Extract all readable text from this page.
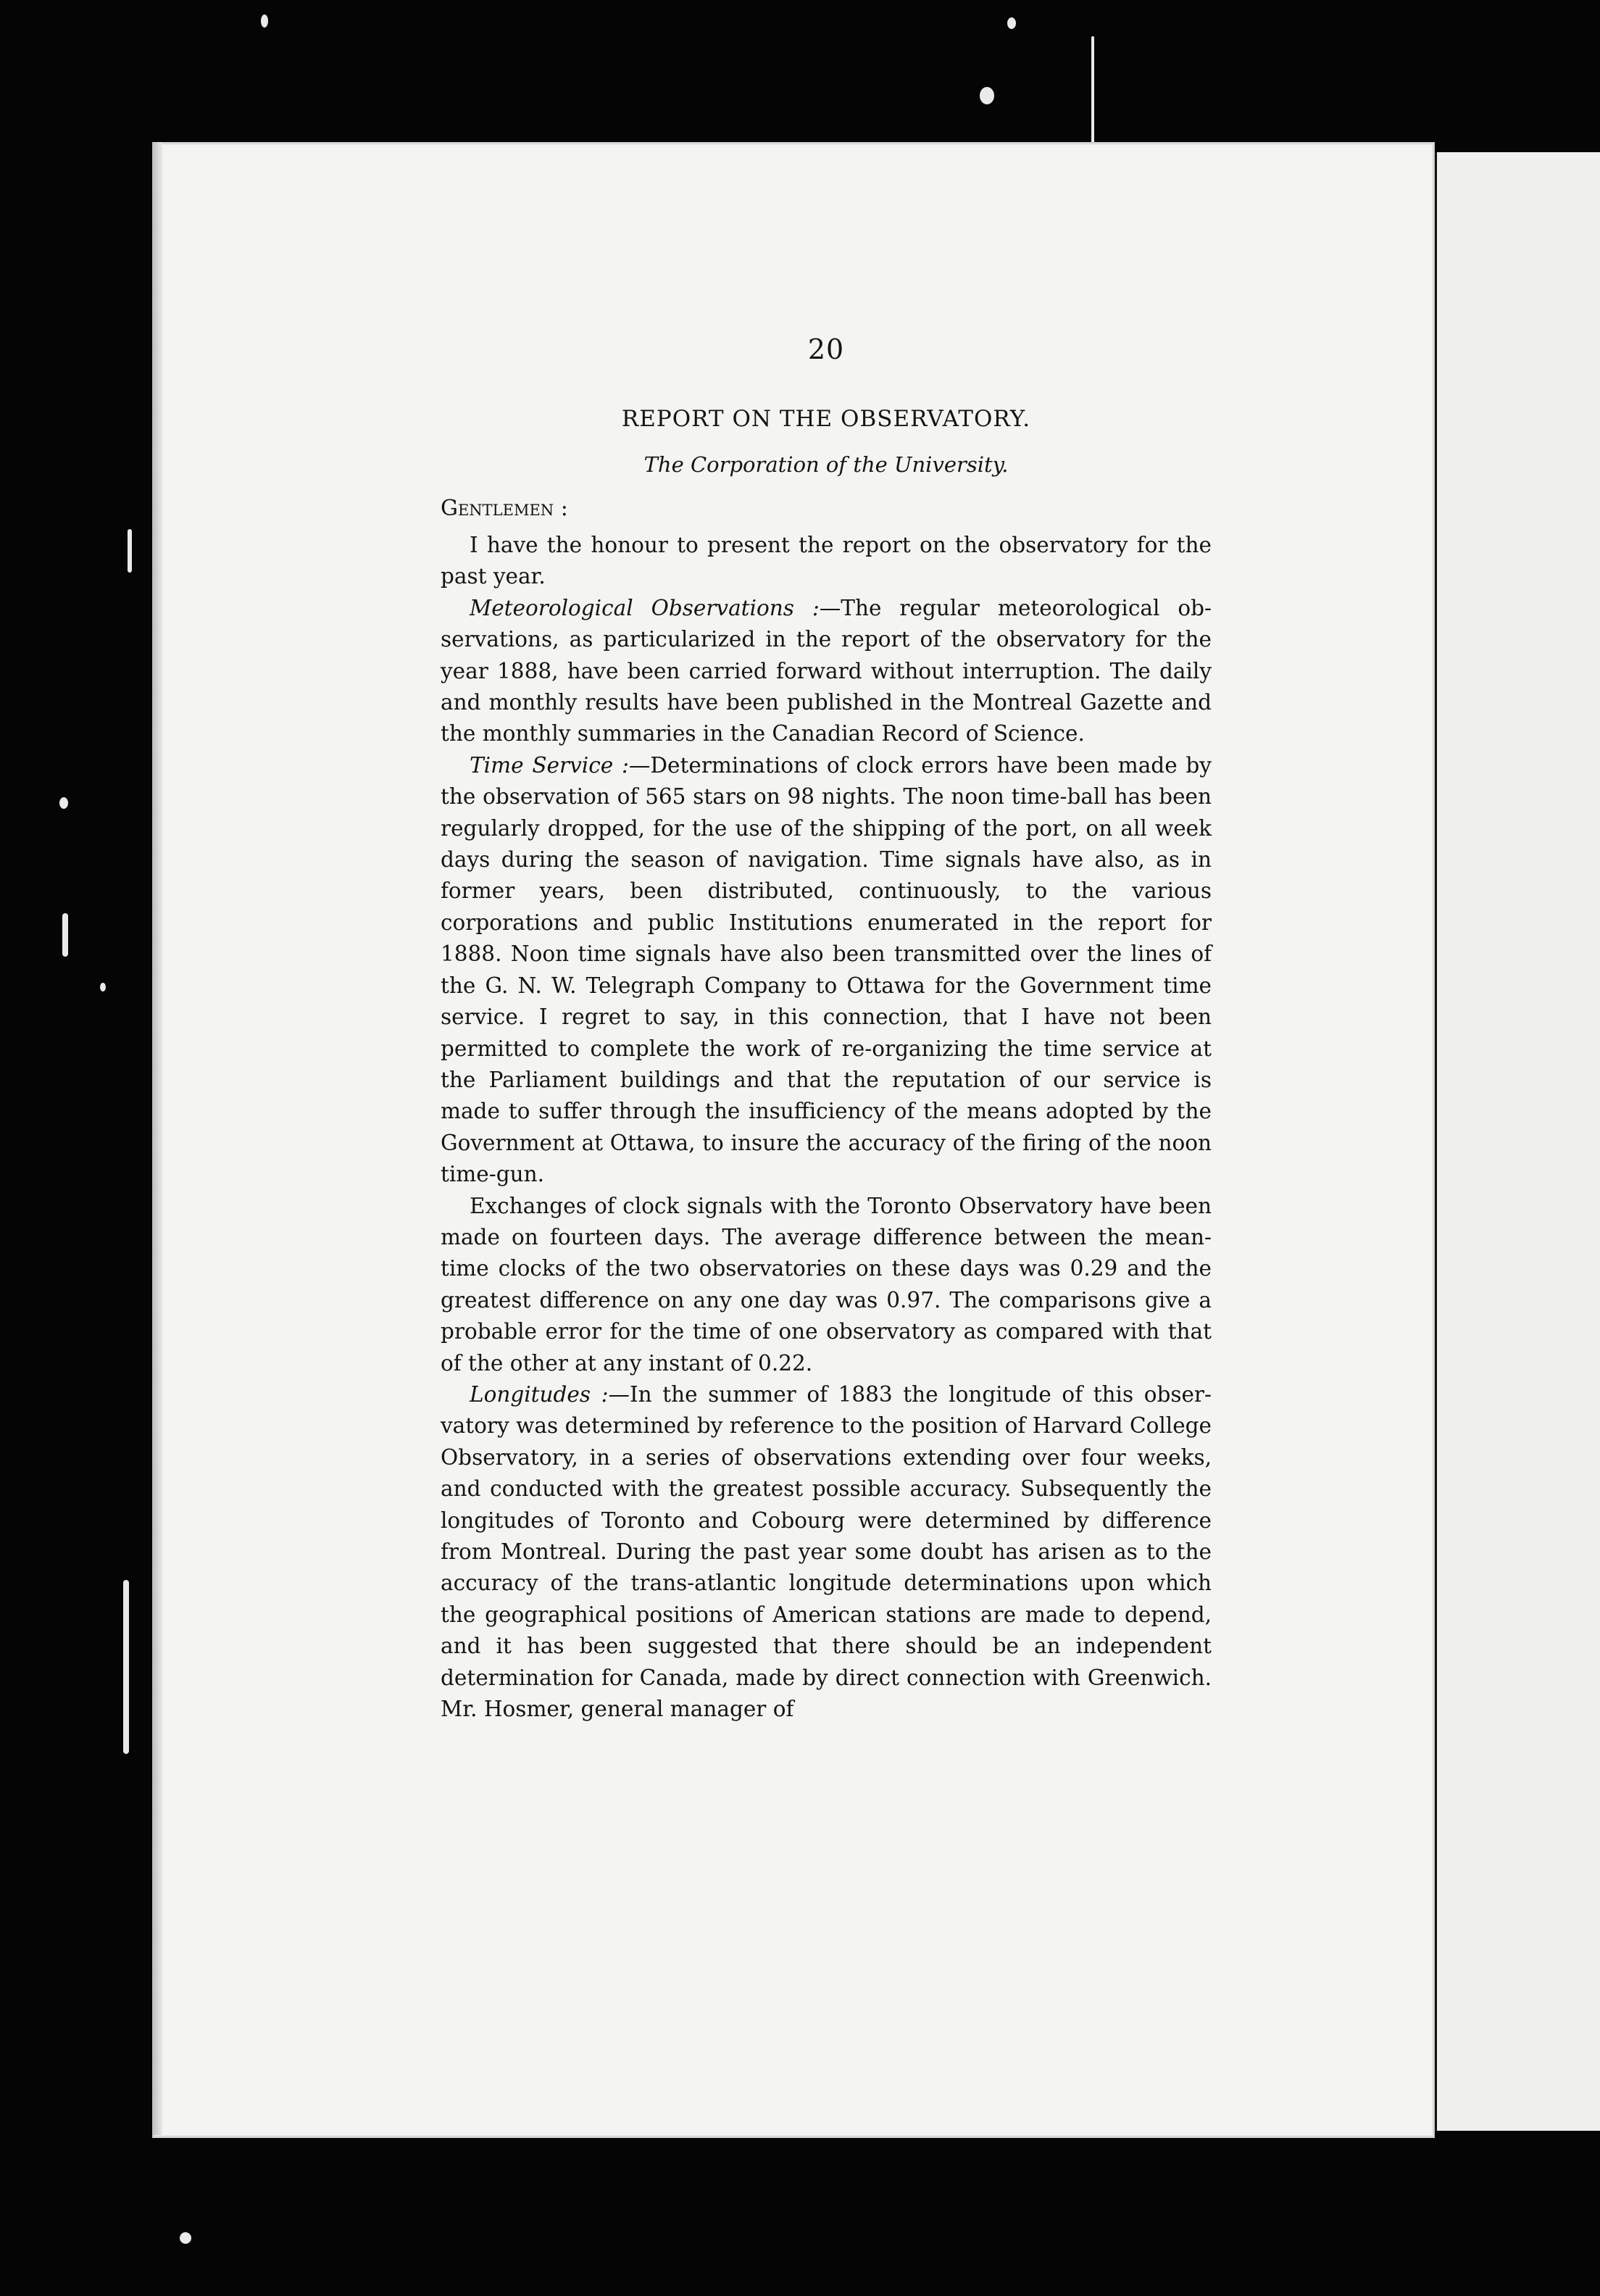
20
REPORT ON THE OBSERVATORY.
The Corporation of the University.
Gentlemen :

I have the honour to present the report on the observatory for the past year.

Meteorological Observations :—The regular meteorological observations, as particularized in the report of the observatory for the year 1888, have been carried forward without interruption. The daily and monthly results have been published in the Montreal Gazette and the monthly summaries in the Canadian Record of Science.

Time Service :—Determinations of clock errors have been made by the observation of 565 stars on 98 nights. The noon time-ball has been regularly dropped, for the use of the shipping of the port, on all week days during the season of navigation. Time signals have also, as in former years, been distributed, continuously, to the various corporations and public Institutions enumerated in the report for 1888. Noon time signals have also been transmitted over the lines of the G. N. W. Telegraph Company to Ottawa for the Government time service. I regret to say, in this connection, that I have not been permitted to complete the work of re-organizing the time service at the Parliament buildings and that the reputation of our service is made to suffer through the insufficiency of the means adopted by the Government at Ottawa, to insure the accuracy of the firing of the noon time-gun.

Exchanges of clock signals with the Toronto Observatory have been made on fourteen days. The average difference between the mean-time clocks of the two observatories on these days was 0.29 and the greatest difference on any one day was 0.97. The comparisons give a probable error for the time of one observatory as compared with that of the other at any instant of 0.22.

Longitudes :—In the summer of 1883 the longitude of this observatory was determined by reference to the position of Harvard College Observatory, in a series of observations extending over four weeks, and conducted with the greatest possible accuracy. Subsequently the longitudes of Toronto and Cobourg were determined by difference from Montreal. During the past year some doubt has arisen as to the accuracy of the trans-atlantic longitude determinations upon which the geographical positions of American stations are made to depend, and it has been suggested that there should be an independent determination for Canada, made by direct connection with Greenwich. Mr. Hosmer, general manager of
